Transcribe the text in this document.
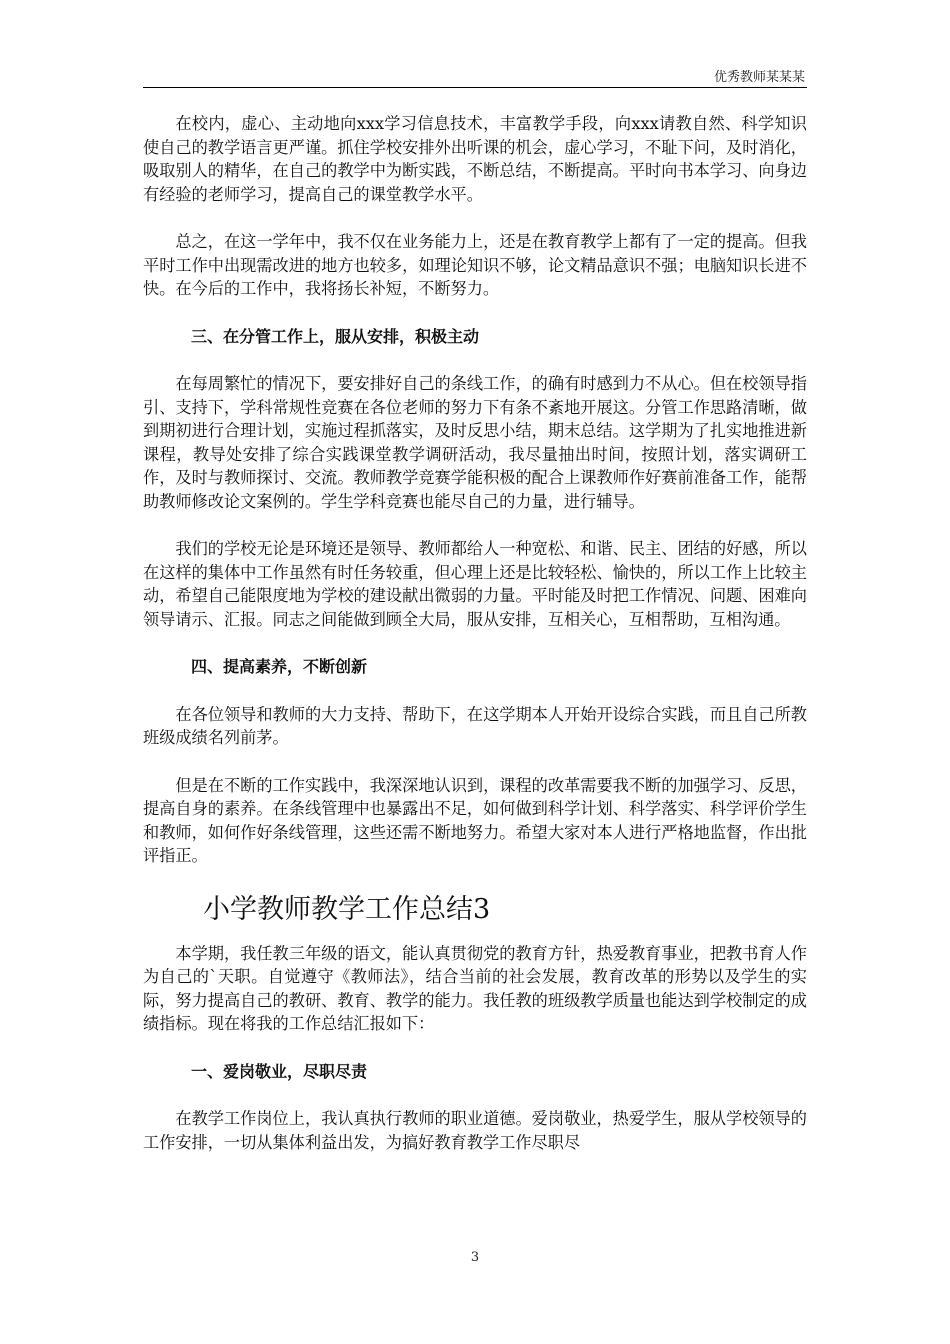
优秀教师某某某

在校内，虚心、主动地向xxx学习信息技术，丰富教学手段，向xxx请教自然、科学知识使自己的教学语言更严谨。抓住学校安排外出听课的机会，虚心学习，不耻下问，及时消化，吸取别人的精华，在自己的教学中为断实践，不断总结，不断提高。平时向书本学习、向身边有经验的老师学习，提高自己的课堂教学水平。

总之，在这一学年中，我不仅在业务能力上，还是在教育教学上都有了一定的提高。但我平时工作中出现需改进的地方也较多，如理论知识不够，论文精品意识不强；电脑知识长进不快。在今后的工作中，我将扬长补短，不断努力。

三、在分管工作上，服从安排，积极主动

在每周繁忙的情况下，要安排好自己的条线工作，的确有时感到力不从心。但在校领导指引、支持下，学科常规性竞赛在各位老师的努力下有条不紊地开展这。分管工作思路清晰，做到期初进行合理计划，实施过程抓落实，及时反思小结，期末总结。这学期为了扎实地推进新课程，教导处安排了综合实践课堂教学调研活动，我尽量抽出时间，按照计划，落实调研工作，及时与教师探讨、交流。教师教学竞赛学能积极的配合上课教师作好赛前准备工作，能帮助教师修改论文案例的。学生学科竞赛也能尽自己的力量，进行辅导。

我们的学校无论是环境还是领导、教师都给人一种宽松、和谐、民主、团结的好感，所以在这样的集体中工作虽然有时任务较重，但心理上还是比较轻松、愉快的，所以工作上比较主动，希望自己能限度地为学校的建设献出微弱的力量。平时能及时把工作情况、问题、困难向领导请示、汇报。同志之间能做到顾全大局，服从安排，互相关心，互相帮助，互相沟通。

四、提高素养，不断创新

在各位领导和教师的大力支持、帮助下，在这学期本人开始开设综合实践，而且自己所教班级成绩名列前茅。

但是在不断的工作实践中，我深深地认识到，课程的改革需要我不断的加强学习、反思，提高自身的素养。在条线管理中也暴露出不足，如何做到科学计划、科学落实、科学评价学生和教师，如何作好条线管理，这些还需不断地努力。希望大家对本人进行严格地监督，作出批评指正。

小学教师教学工作总结3

本学期，我任教三年级的语文，能认真贯彻党的教育方针，热爱教育事业，把教书育人作为自己的`天职。自觉遵守《教师法》，结合当前的社会发展，教育改革的形势以及学生的实际，努力提高自己的教研、教育、教学的能力。我任教的班级教学质量也能达到学校制定的成绩指标。现在将我的工作总结汇报如下：

一、爱岗敬业，尽职尽责

在教学工作岗位上，我认真执行教师的职业道德。爱岗敬业，热爱学生，服从学校领导的工作安排，一切从集体利益出发，为搞好教育教学工作尽职尽

3
